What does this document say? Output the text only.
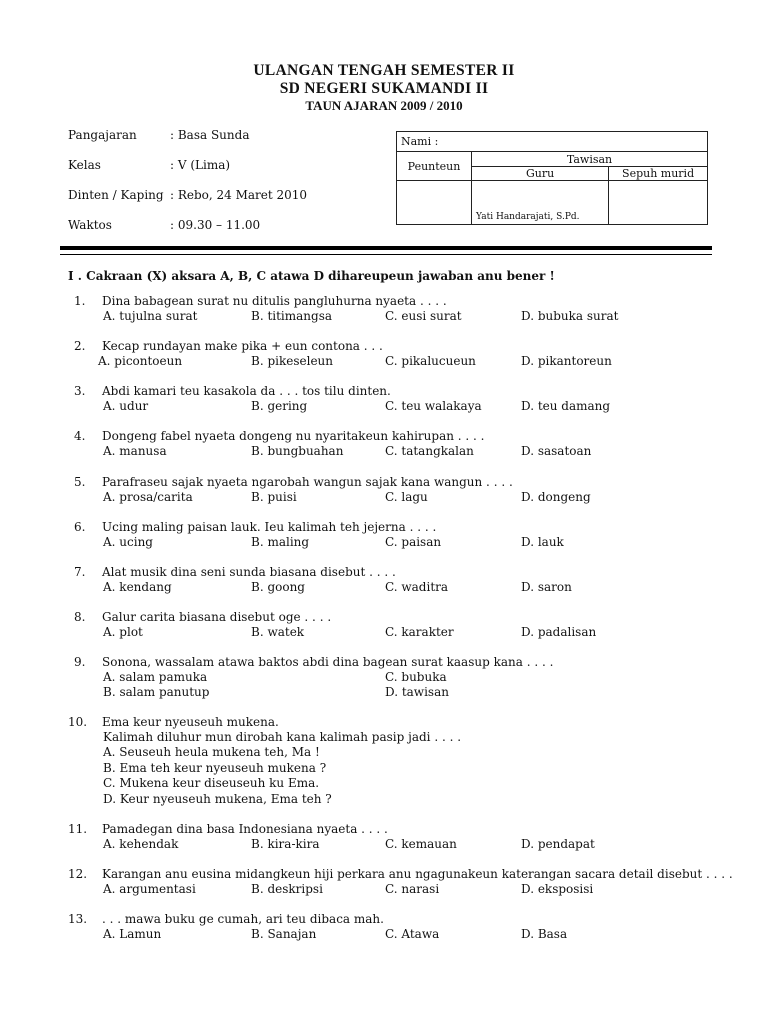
ULANGAN TENGAH SEMESTER II
SD NEGERI SUKAMANDI II
TAUN AJARAN 2009 / 2010
Pangajaran	: Basa Sunda
Kelas	: V (Lima)
Dinten / Kaping : Rebo, 24 Maret 2010
Waktos	: 09.30 – 11.00
Nami :		
Peunteun	Tawisan	
	Guru	Sepuh murid
	Yati Handarajati, S.Pd.	
I . Cakraan (X) aksara A, B, C atawa D dihareupeun jawaban anu bener !
1. Dina babagean surat nu ditulis pangluhurna nyaeta . . . .
A. tujulna surat	B. titimangsa	C. eusi surat	D. bubuka surat
2. Kecap rundayan make pika + eun contona . . .
A. picontoeun	B. pikeseleun	C. pikalucueun	D. pikantoreun
3. Abdi kamari teu kasakola da . . . tos tilu dinten.
A. udur	B. gering	C. teu walakaya	D. teu damang
4. Dongeng fabel nyaeta dongeng nu nyaritakeun kahirupan . . . .
A. manusa	B. bungbuahan	C. tatangkalan	D. sasatoan
5. Parafraseu sajak nyaeta ngarobah wangun sajak kana wangun . . . .
A. prosa/carita	B. puisi	C. lagu	D. dongeng
6. Ucing maling paisan lauk. Ieu kalimah teh jejerna . . . .
A. ucing	B. maling	C. paisan	D. lauk
7. Alat musik dina seni sunda biasana disebut . . . .
A. kendang	B. goong	C. waditra	D. saron
8. Galur carita biasana disebut oge . . . .
A. plot	B. watek	C. karakter	D. padalisan
9. Sonona, wassalam atawa baktos abdi dina bagean surat kaasup kana . . . .
A. salam pamuka	C. bubuka
B. salam panutup	D. tawisan
10. Ema keur nyeuseuh mukena.
Kalimah diluhur mun dirobah kana kalimah pasip jadi . . . .
A. Seuseuh heula mukena teh, Ma !
B. Ema teh keur nyeuseuh mukena ?
C. Mukena keur diseuseuh ku Ema.
D. Keur nyeuseuh mukena, Ema teh ?
11. Pamadegan dina basa Indonesiana nyaeta . . . .
A. kehendak	B. kira-kira	C. kemauan	D. pendapat
12. Karangan anu eusina midangkeun hiji perkara anu ngagunakeun katerangan sacara detail disebut . . . .
A. argumentasi	B. deskripsi	C. narasi	D. eksposisi
13. . . . mawa buku ge cumah, ari teu dibaca mah.
A. Lamun	B. Sanajan	C. Atawa	D. Basa
